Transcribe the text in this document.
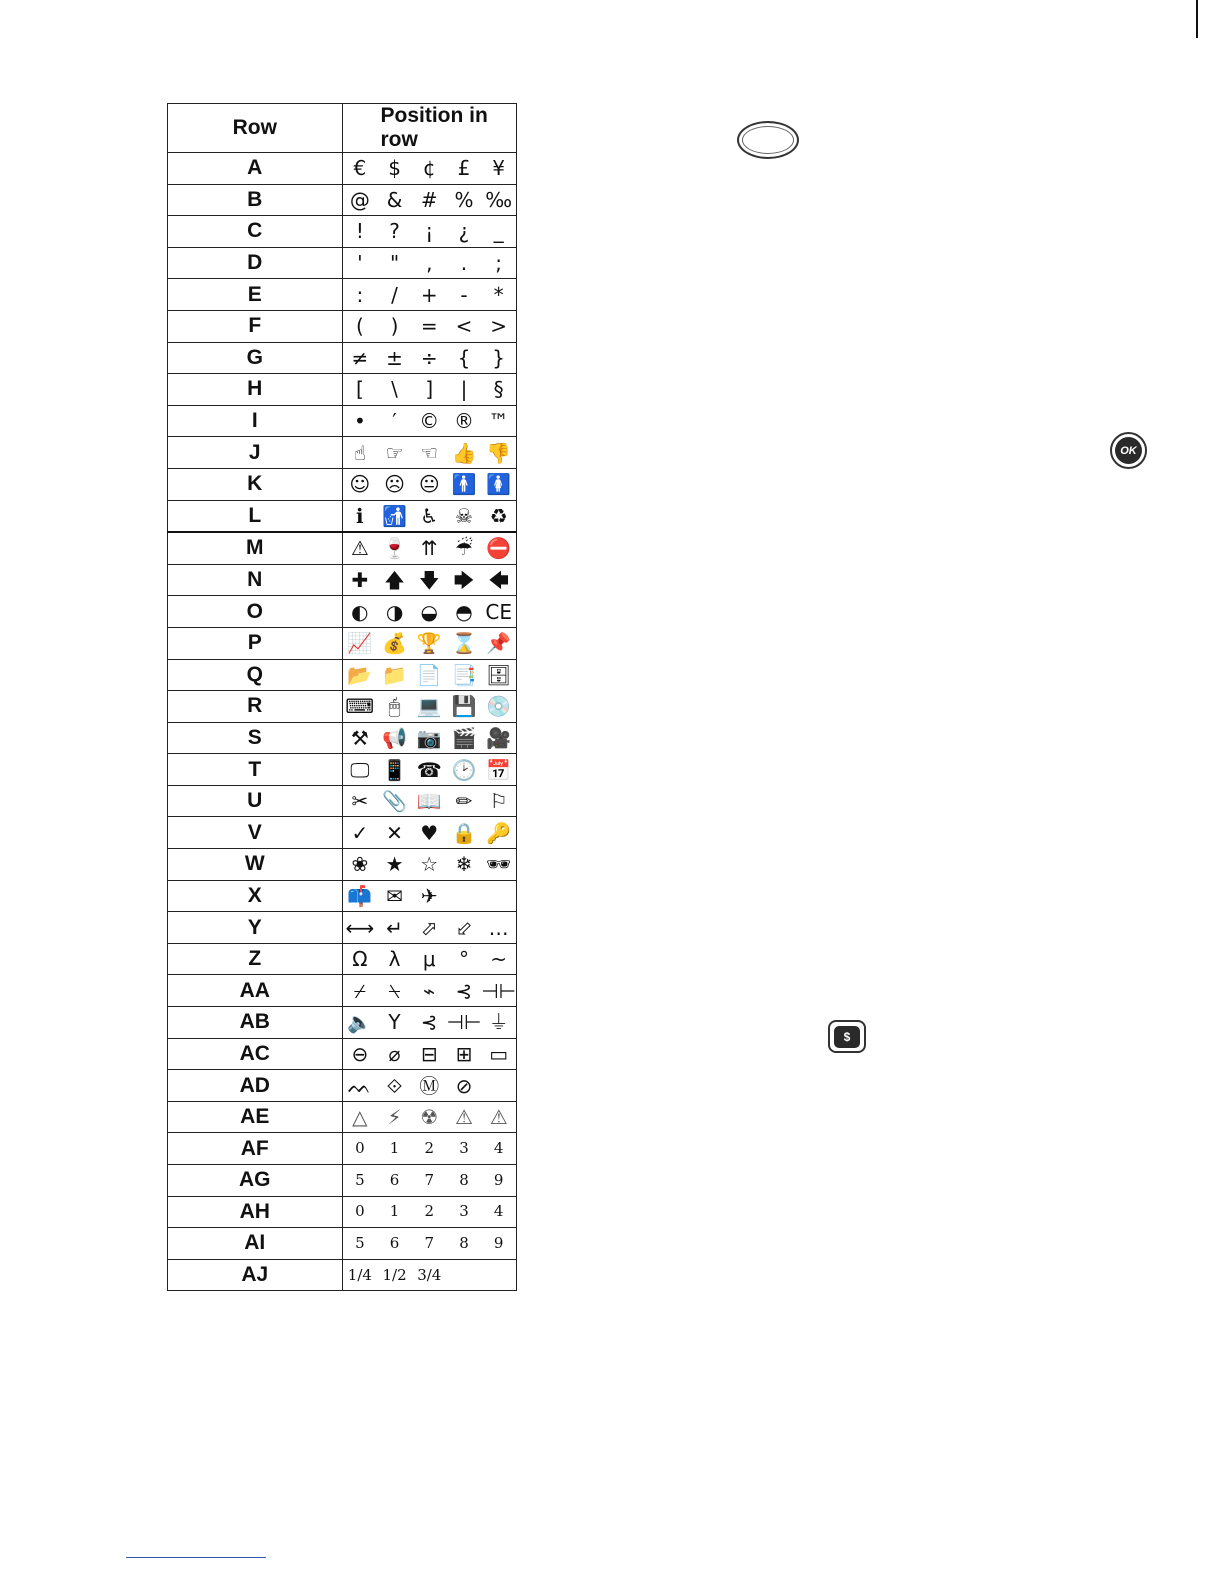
Row	Position in row
A	€ $ ¢ £ ¥

B	@ & # % ‰

C	! ? ¡ ¿ _

D	' " , . ;

E	: / + - *

F	( ) = < >

G	≠ ± ÷ { }

H	[ \ ] | §

I	• ′ © ® ™

J	☝ ☞ ☜ 👍 👎

K	☺ ☹ 😐 🚹 🚺

L	ℹ 🚮 ♿ ☠ ♻

M	⚠ 🍷 ⇈ ☔ ⛔

N	✚ 🡅 🡇 🡆 🡄

O	◐ ◑ ◒ ◓ CE

P	📈 💰 🏆 ⌛ 📌

Q	📂 📁 📄 📑 🗄

R	⌨ 🖱 💻 💾 💿

S	⚒ 📢 📷 🎬 🎥

T	🖵 📱 ☎ 🕑 📅

U	✂ 📎 📖 ✏ ⚐

V	✓ ✕ ♥ 🔒 🔑

W	❀ ★ ☆ ❄ 🕶

X	📫 ✉ ✈

Y	⟷ ↵ ⬀ ⬃ …

Z	Ω λ μ ° ~

AA	⌿ ⍀ ⌁ ⊰ ⊣⊢

AB	🔈 Y ⊰ ⊣⊢ ⏚

AC	⊖ ⌀ ⊟ ⊞ ▭

AD	ᨓ ⟐ Ⓜ ⊘

AE	△ ⚡ ☢ ⚠ ⚠

AF	0 1 2 3 4

AG	5 6 7 8 9

AH	0 1 2 3 4

AI	5 6 7 8 9

AJ	1/4 1/2 3/4
OK
$
